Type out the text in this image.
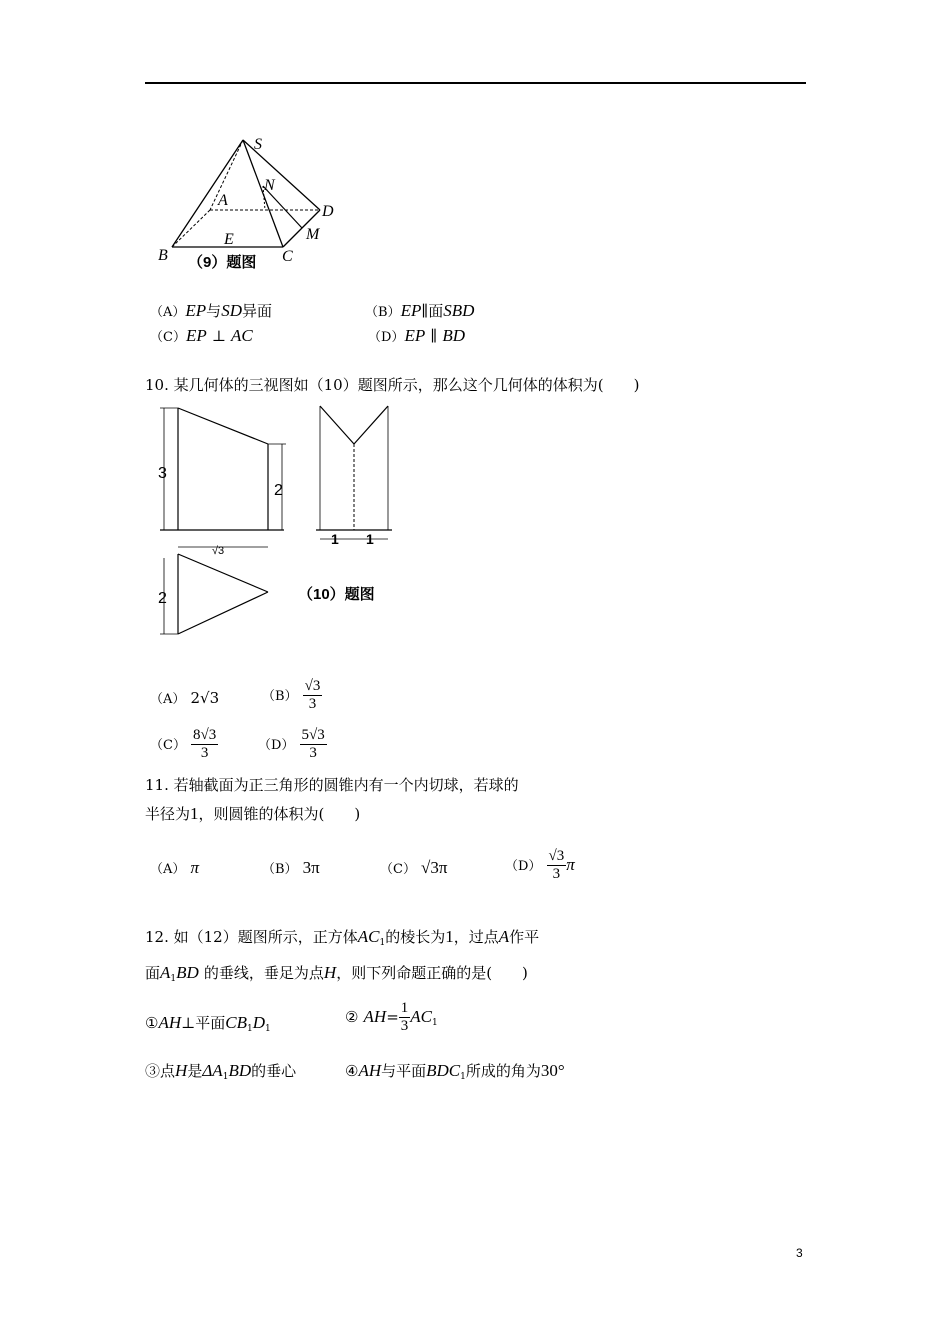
S
A
N
D
M
E
B	C
（9）题图
（A）EP与SD异面	（B）EP∥面SBD
（C）EP ⊥ AC	（D）EP ∥ BD
10. 某几何体的三视图如（10）题图所示，那么这个几何体的体积为(　　)
3
2
1 1
√3
2	（10）题图
（A） 2√3	$(B) \frac{√3}{3}$
$(C) \frac{8√3}{3}$	$(D) \frac{5√3}{3}$
11. 若轴截面为正三角形的圆锥内有一个内切球，若球的
半径为1，则圆锥的体积为(　　)
（A） π	（B） 3π	（C） √3π	$(D) \frac{√3}{3}$ π
12. 如（12）题图所示，正方体$AC_1$的棱长为1，过点A作平
面$A_1BD$ 的垂线，垂足为点H，则下列命题正确的是(　　)
①AH⊥平面$CB_1D_1$
② $AH= \frac{1}{3} AC_1$
③点H是$\Delta A_1BD$的垂心	④AH与平面$BDC_1$所成的角为30°
3
